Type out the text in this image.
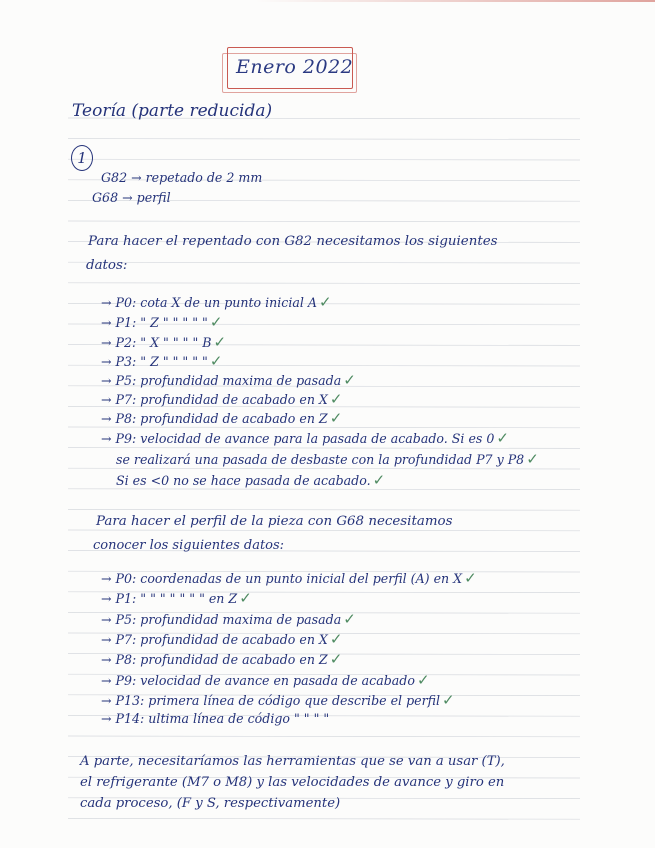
Enero 2022
Teoría (parte reducida)
1
G82 → repetado de 2 mm
G68 → perfil
Para hacer el repentado con G82 necesitamos los siguientes
datos:
→ P0: cota X de un punto inicial A ✓
→ P1: " Z " " " " " ✓
→ P2: " X " " " " B ✓
→ P3: " Z " " " " " ✓
→ P5: profundidad maxima de pasada ✓
→ P7: profundidad de acabado en X ✓
→ P8: profundidad de acabado en Z ✓
→ P9: velocidad de avance para la pasada de acabado. Si es 0 ✓
se realizará una pasada de desbaste con la profundidad P7 y P8 ✓
Si es <0 no se hace pasada de acabado. ✓
Para hacer el perfil de la pieza con G68 necesitamos
conocer los siguientes datos:
→ P0: coordenadas de un punto inicial del perfil (A) en X ✓
→ P1: " " " " " " " en Z ✓
→ P5: profundidad maxima de pasada ✓
→ P7: profundidad de acabado en X ✓
→ P8: profundidad de acabado en Z ✓
→ P9: velocidad de avance en pasada de acabado ✓
→ P13: primera línea de código que describe el perfil ✓
→ P14: ultima línea de código " " " "
A parte, necesitaríamos las herramientas que se van a usar (T),
el refrigerante (M7 o M8) y las velocidades de avance y giro en
cada proceso, (F y S, respectivamente)
